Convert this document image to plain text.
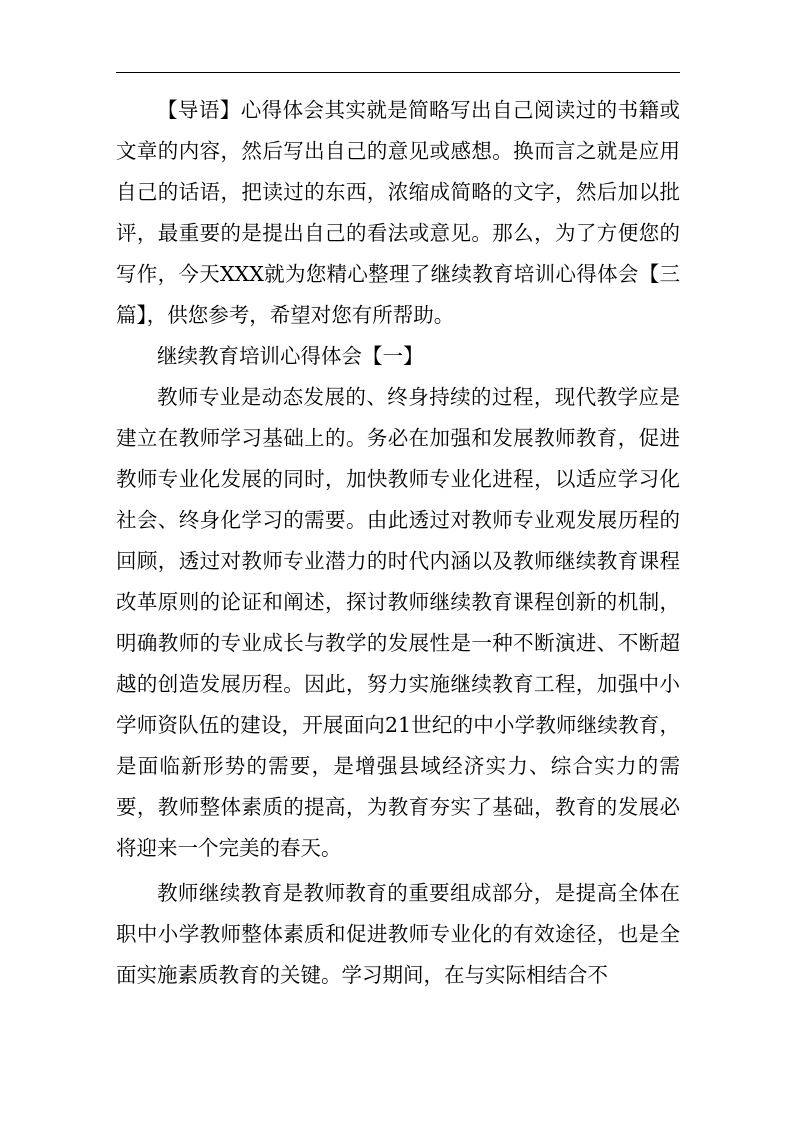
【导语】心得体会其实就是简略写出自己阅读过的书籍或文章的内容，然后写出自己的意见或感想。换而言之就是应用自己的话语，把读过的东西，浓缩成简略的文字，然后加以批评，最重要的是提出自己的看法或意见。那么，为了方便您的写作，今天XXX就为您精心整理了继续教育培训心得体会【三篇】，供您参考，希望对您有所帮助。

继续教育培训心得体会【一】

教师专业是动态发展的、终身持续的过程，现代教学应是建立在教师学习基础上的。务必在加强和发展教师教育，促进教师专业化发展的同时，加快教师专业化进程，以适应学习化社会、终身化学习的需要。由此透过对教师专业观发展历程的回顾，透过对教师专业潜力的时代内涵以及教师继续教育课程改革原则的论证和阐述，探讨教师继续教育课程创新的机制，明确教师的专业成长与教学的发展性是一种不断演进、不断超越的创造发展历程。因此，努力实施继续教育工程，加强中小学师资队伍的建设，开展面向21世纪的中小学教师继续教育，是面临新形势的需要，是增强县域经济实力、综合实力的需要，教师整体素质的提高，为教育夯实了基础，教育的发展必将迎来一个完美的春天。

教师继续教育是教师教育的重要组成部分，是提高全体在职中小学教师整体素质和促进教师专业化的有效途径，也是全面实施素质教育的关键。学习期间，在与实际相结合不
